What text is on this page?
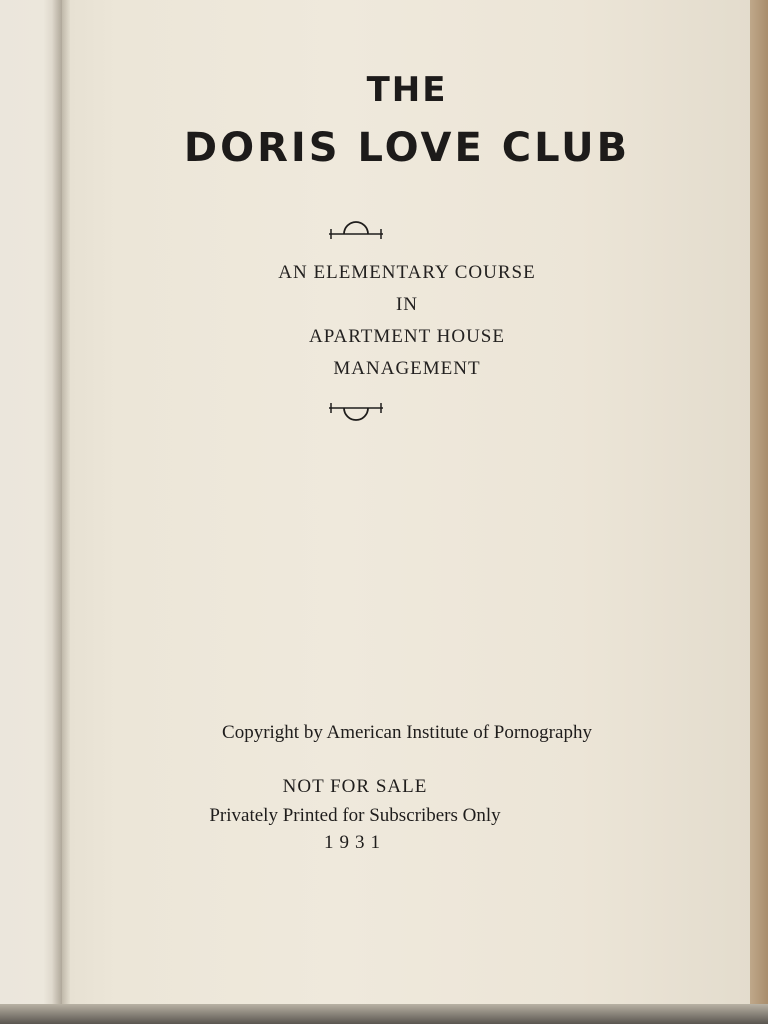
THE
DORIS LOVE CLUB
AN ELEMENTARY COURSE
IN
APARTMENT HOUSE
MANAGEMENT
Copyright by American Institute of Pornography
NOT FOR SALE
Privately Printed for Subscribers Only
1931
